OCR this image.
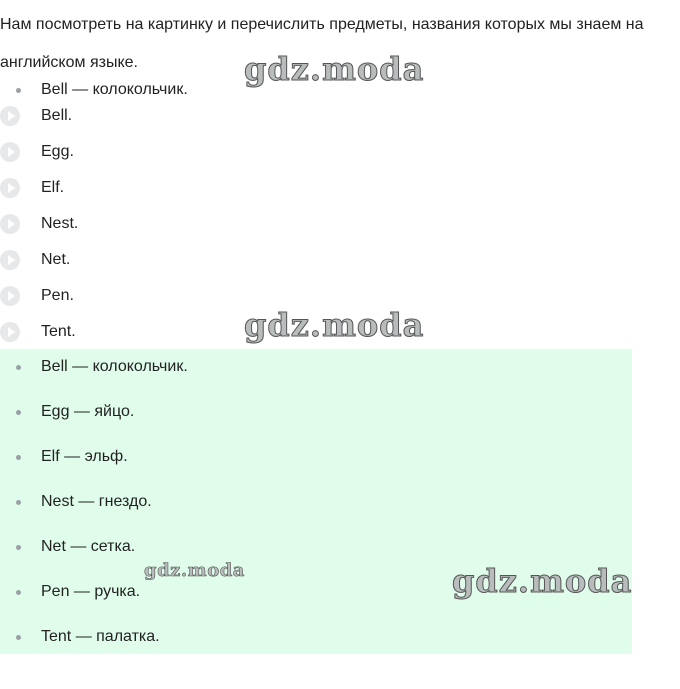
Нам посмотреть на картинку и перечислить предметы, названия которых мы знаем на английском языке.

Bell — колокольчик.
Bell.
Egg.
Elf.
Nest.
Net.
Pen.
Tent.
Bell — колокольчик.
Egg — яйцо.
Elf — эльф.
Nest — гнездо.
Net — сетка.
Pen — ручка.
Tent — палатка.
gdz.moda
gdz.moda
gdz.moda	gdz.moda
